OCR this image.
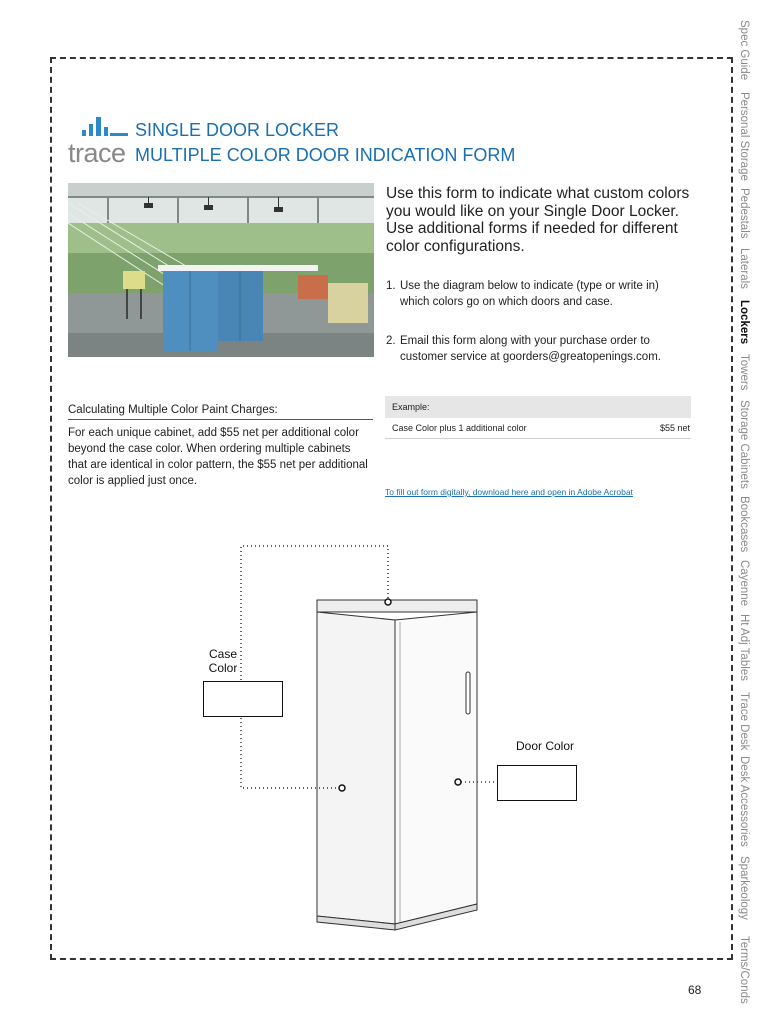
trace
SINGLE DOOR LOCKER
MULTIPLE COLOR DOOR INDICATION FORM
Use this form to indicate what custom colors you would like on your Single Door Locker. Use additional forms if needed for different color configurations.
1. Use the diagram below to indicate (type or write in) which colors go on which doors and case.
2. Email this form along with your purchase order to customer service at goorders@greatopenings.com.
Calculating Multiple Color Paint Charges:
For each unique cabinet, add $55 net per additional color beyond the case color. When ordering multiple cabinets that are identical in color pattern, the $55 net per additional color is applied just once.
Example:
Case Color plus 1 additional color	$55 net
To fill out form digitally, download here and open in Adobe Acrobat
Case
Color
Door Color
Spec Guide
Personal Storage
Pedestals
Laterals
Lockers
Towers
Storage Cabinets
Bookcases
Cayenne
Ht Adj Tables
Trace Desk
Desk Accessories
Sparkeology
Terms/Conds
68
